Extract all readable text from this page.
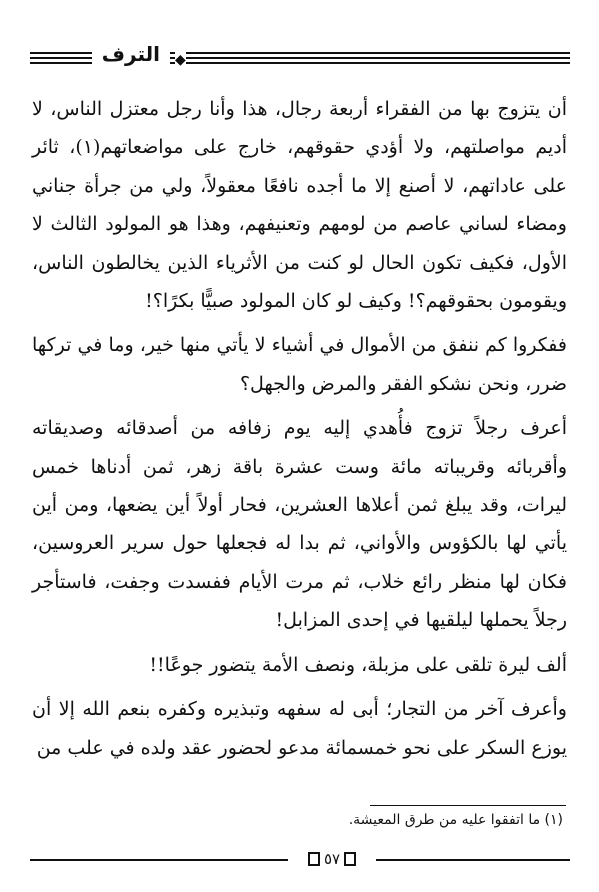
◆
الترف

أن يتزوج بها من الفقراء أربعة رجال، هذا وأنا رجل معتزل الناس، لا أديم مواصلتهم، ولا أؤدي حقوقهم، خارج على مواضعاتهم(١)، ثائر على عاداتهم، لا أصنع إلا ما أجده نافعًا معقولاً، ولي من جرأة جناني ومضاء لساني عاصم من لومهم وتعنيفهم، وهذا هو المولود الثالث لا الأول، فكيف تكون الحال لو كنت من الأثرياء الذين يخالطون الناس، ويقومون بحقوقهم؟! وكيف لو كان المولود صبيًّا بكرًا؟!

ففكروا كم ننفق من الأموال في أشياء لا يأتي منها خير، وما في تركها ضرر، ونحن نشكو الفقر والمرض والجهل؟

أعرف رجلاً تزوج فأُهدي إليه يوم زفافه من أصدقائه وصديقاته وأقربائه وقريباته مائة وست عشرة باقة زهر، ثمن أدناها خمس ليرات، وقد يبلغ ثمن أعلاها العشرين، فحار أولاً أين يضعها، ومن أين يأتي لها بالكؤوس والأواني، ثم بدا له فجعلها حول سرير العروسين، فكان لها منظر رائع خلاب، ثم مرت الأيام ففسدت وجفت، فاستأجر رجلاً يحملها ليلقيها في إحدى المزابل!

ألف ليرة تلقى على مزبلة، ونصف الأمة يتضور جوعًا!!

وأعرف آخر من التجار؛ أبى له سفهه وتبذيره وكفره بنعم الله إلا أن يوزع السكر على نحو خمسمائة مدعو لحضور عقد ولده في علب من

(١) ما اتفقوا عليه من طرق المعيشة.
٥٧
